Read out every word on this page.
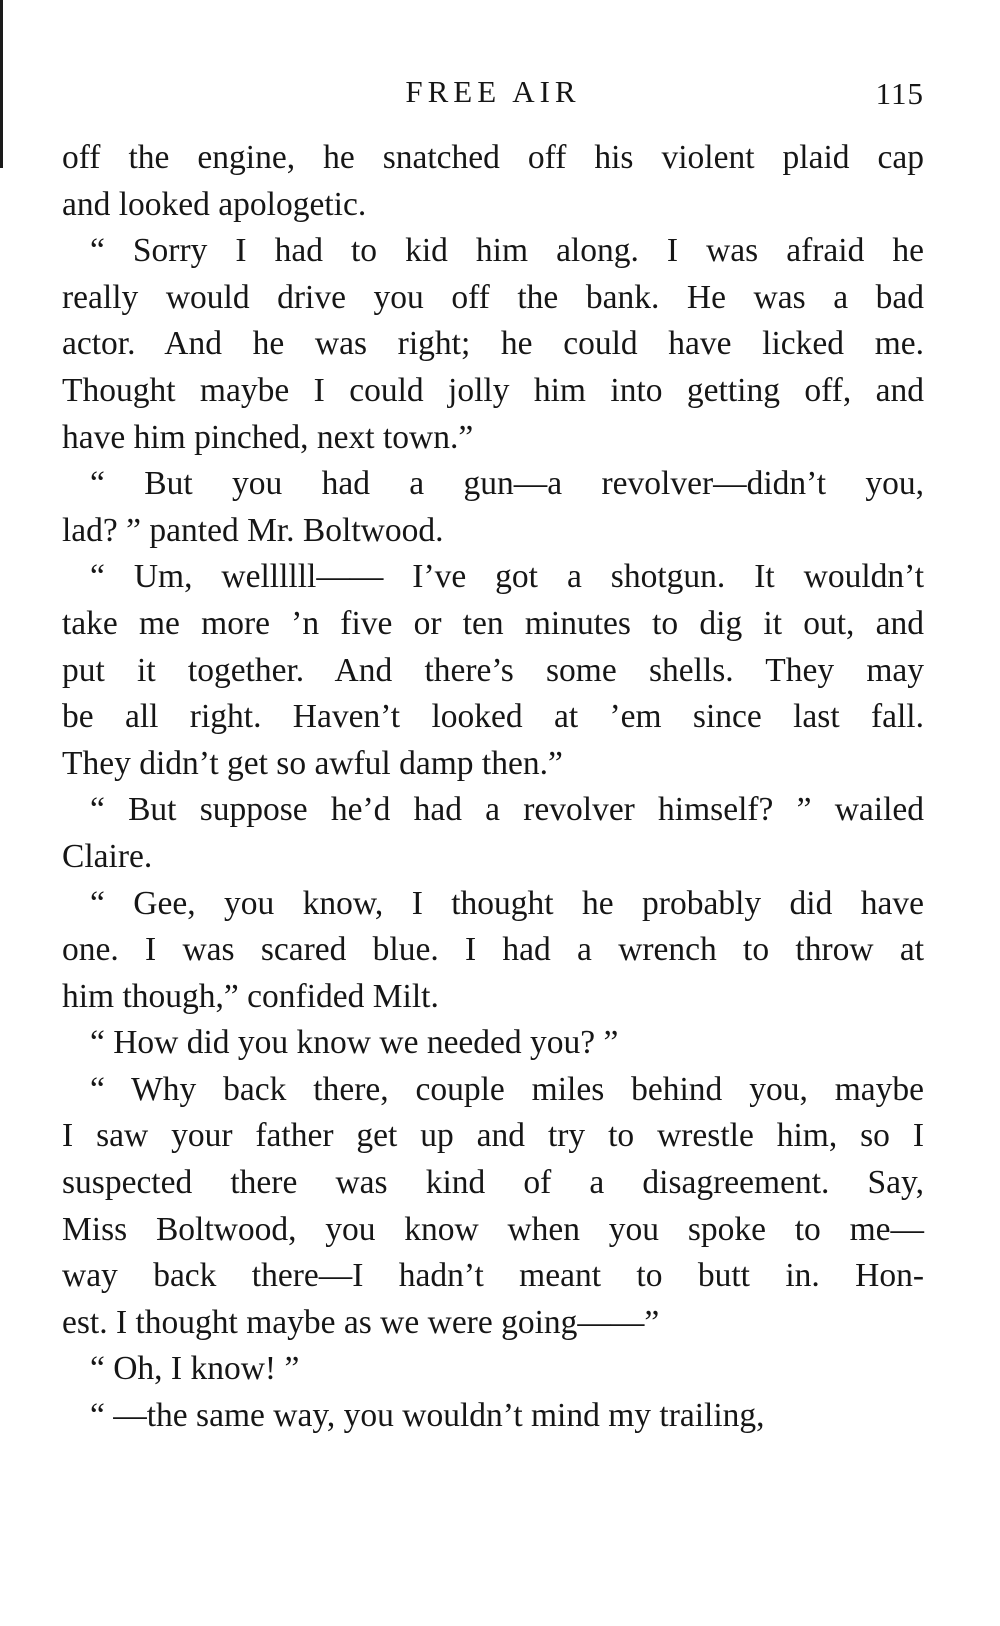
FREE AIR	115

off the engine, he snatched off his violent plaid cap
and looked apologetic.

“ Sorry I had to kid him along. I was afraid he
really would drive you off the bank. He was a bad
actor. And he was right; he could have licked me.
Thought maybe I could jolly him into getting off, and
have him pinched, next town.”

“ But you had a gun—a revolver—didn’t you,
lad? ” panted Mr. Boltwood.

“ Um, wellllll—— I’ve got a shotgun. It wouldn’t
take me more ’n five or ten minutes to dig it out, and
put it together. And there’s some shells. They may
be all right. Haven’t looked at ’em since last fall.
They didn’t get so awful damp then.”

“ But suppose he’d had a revolver himself? ” wailed
Claire.

“ Gee, you know, I thought he probably did have
one. I was scared blue. I had a wrench to throw at
him though,” confided Milt.

“ How did you know we needed you? ”

“ Why back there, couple miles behind you, maybe
I saw your father get up and try to wrestle him, so I
suspected there was kind of a disagreement. Say,
Miss Boltwood, you know when you spoke to me—
way back there—I hadn’t meant to butt in. Hon-
est. I thought maybe as we were going——”

“ Oh, I know! ”

“ —the same way, you wouldn’t mind my trailing,
